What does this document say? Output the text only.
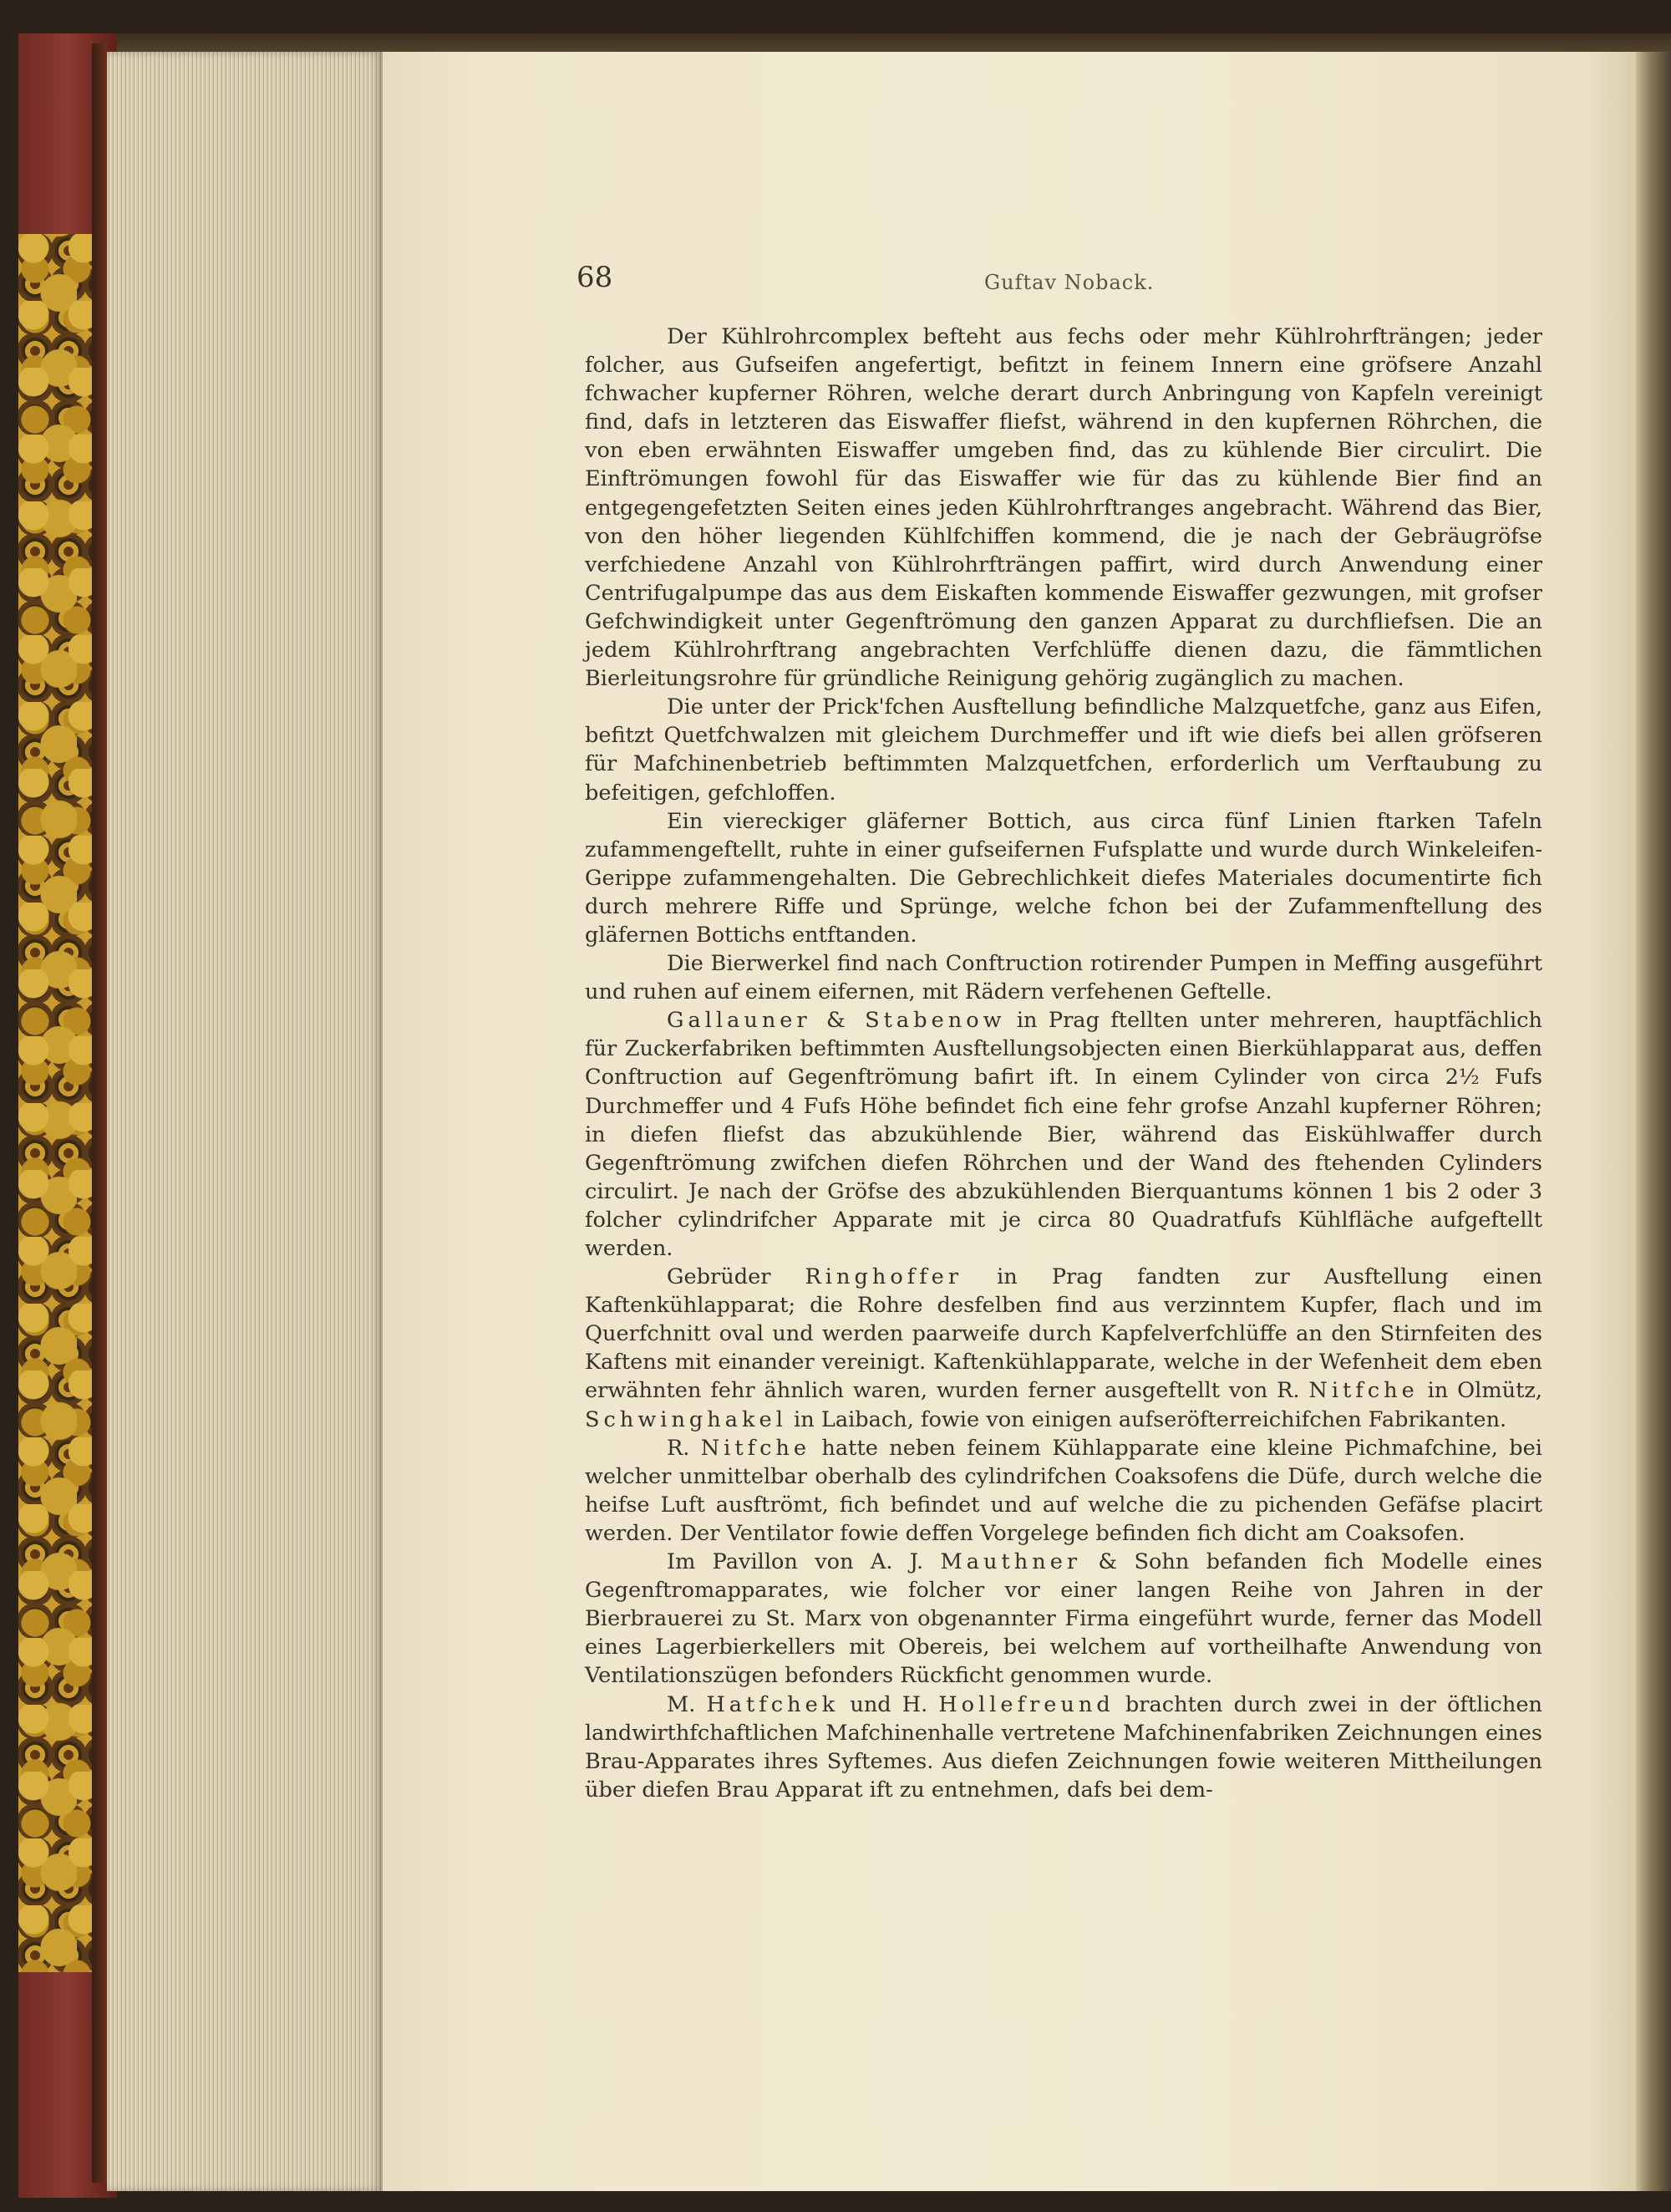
68	Guftav Noback.

Der Kühlrohrcomplex befteht aus fechs oder mehr Kühlrohrfträngen; jeder folcher, aus Gufseifen angefertigt, befitzt in feinem Innern eine gröfsere Anzahl fchwacher kupferner Röhren, welche derart durch Anbringung von Kapfeln vereinigt find, dafs in letzteren das Eiswaffer fliefst, während in den kupfernen Röhrchen, die von eben erwähnten Eiswaffer umgeben find, das zu kühlende Bier circulirt. Die Einftrömungen fowohl für das Eiswaffer wie für das zu kühlende Bier find an entgegengefetzten Seiten eines jeden Kühlrohrftranges angebracht. Während das Bier, von den höher liegenden Kühlfchiffen kommend, die je nach der Gebräugröfse verfchiedene Anzahl von Kühlrohrfträngen paffirt, wird durch Anwendung einer Centrifugalpumpe das aus dem Eiskaften kommende Eiswaffer gezwungen, mit grofser Gefchwindigkeit unter Gegenftrömung den ganzen Apparat zu durchfliefsen. Die an jedem Kühlrohrftrang angebrachten Verfchlüffe dienen dazu, die fämmtlichen Bierleitungsrohre für gründliche Reinigung gehörig zugänglich zu machen.

Die unter der Prick'fchen Ausftellung befindliche Malzquetfche, ganz aus Eifen, befitzt Quetfchwalzen mit gleichem Durchmeffer und ift wie diefs bei allen gröfseren für Mafchinenbetrieb beftimmten Malzquetfchen, erforderlich um Verftaubung zu befeitigen, gefchloffen.

Ein viereckiger gläferner Bottich, aus circa fünf Linien ftarken Tafeln zufammengeftellt, ruhte in einer gufseifernen Fufsplatte und wurde durch Winkeleifen-Gerippe zufammengehalten. Die Gebrechlichkeit diefes Materiales documentirte fich durch mehrere Riffe und Sprünge, welche fchon bei der Zufammenftellung des gläfernen Bottichs entftanden.

Die Bierwerkel find nach Conftruction rotirender Pumpen in Meffing ausgeführt und ruhen auf einem eifernen, mit Rädern verfehenen Geftelle.

Gallauner & Stabenow in Prag ftellten unter mehreren, hauptfächlich für Zuckerfabriken beftimmten Ausftellungsobjecten einen Bierkühlapparat aus, deffen Conftruction auf Gegenftrömung bafirt ift. In einem Cylinder von circa 2½ Fufs Durchmeffer und 4 Fufs Höhe befindet fich eine fehr grofse Anzahl kupferner Röhren; in diefen fliefst das abzukühlende Bier, während das Eiskühlwaffer durch Gegenftrömung zwifchen diefen Röhrchen und der Wand des ftehenden Cylinders circulirt. Je nach der Gröfse des abzukühlenden Bierquantums können 1 bis 2 oder 3 folcher cylindrifcher Apparate mit je circa 80 Quadratfufs Kühlfläche aufgeftellt werden.

Gebrüder Ringhoffer in Prag fandten zur Ausftellung einen Kaftenkühlapparat; die Rohre desfelben find aus verzinntem Kupfer, flach und im Querfchnitt oval und werden paarweife durch Kapfelverfchlüffe an den Stirnfeiten des Kaftens mit einander vereinigt. Kaftenkühlapparate, welche in der Wefenheit dem eben erwähnten fehr ähnlich waren, wurden ferner ausgeftellt von R. Nitfche in Olmütz, Schwinghakel in Laibach, fowie von einigen aufseröfterreichifchen Fabrikanten.

R. Nitfche hatte neben feinem Kühlapparate eine kleine Pichmafchine, bei welcher unmittelbar oberhalb des cylindrifchen Coaksofens die Düfe, durch welche die heifse Luft ausftrömt, fich befindet und auf welche die zu pichenden Gefäfse placirt werden. Der Ventilator fowie deffen Vorgelege befinden fich dicht am Coaksofen.

Im Pavillon von A. J. Mauthner & Sohn befanden fich Modelle eines Gegenftromapparates, wie folcher vor einer langen Reihe von Jahren in der Bierbrauerei zu St. Marx von obgenannter Firma eingeführt wurde, ferner das Modell eines Lagerbierkellers mit Obereis, bei welchem auf vortheilhafte Anwendung von Ventilationszügen befonders Rückficht genommen wurde.

M. Hatfchek und H. Hollefreund brachten durch zwei in der öftlichen landwirthfchaftlichen Mafchinenhalle vertretene Mafchinenfabriken Zeichnungen eines Brau-Apparates ihres Syftemes. Aus diefen Zeichnungen fowie weiteren Mittheilungen über diefen Brau Apparat ift zu entnehmen, dafs bei dem-
